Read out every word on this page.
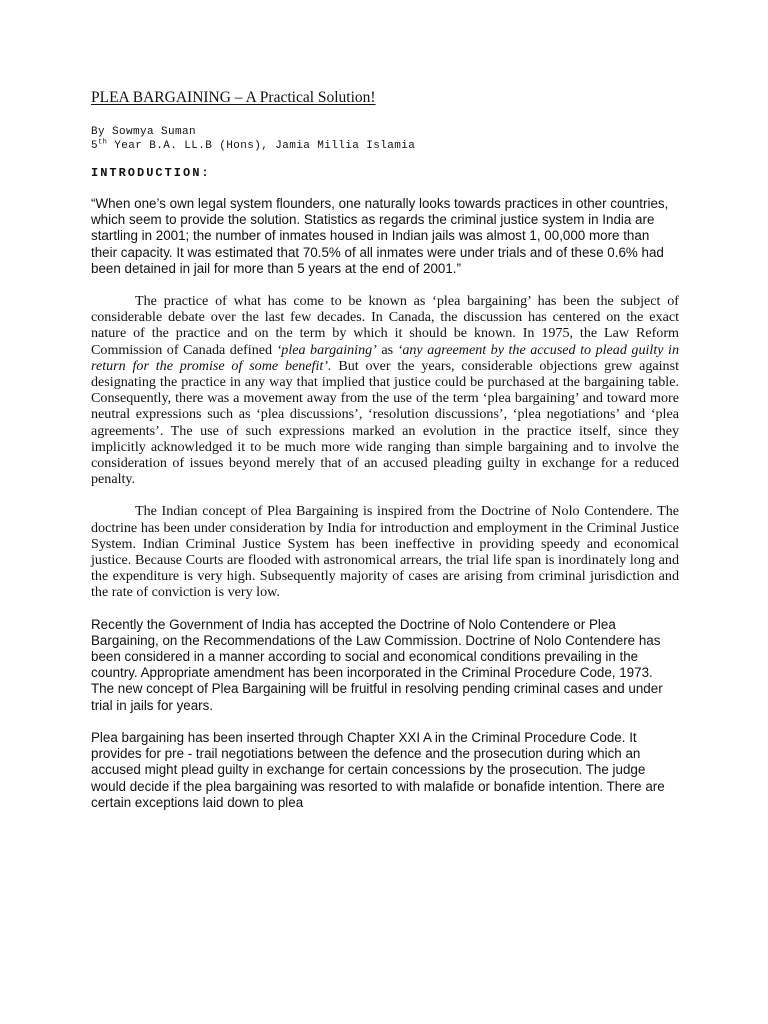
PLEA BARGAINING – A Practical Solution!

By Sowmya Suman

5th Year B.A. LL.B (Hons), Jamia Millia Islamia

INTRODUCTION:

“When one’s own legal system flounders, one naturally looks towards practices in other countries, which seem to provide the solution. Statistics as regards the criminal justice system in India are startling in 2001; the number of inmates housed in Indian jails was almost 1, 00,000 more than their capacity. It was estimated that 70.5% of all inmates were under trials and of these 0.6% had been detained in jail for more than 5 years at the end of 2001.”

The practice of what has come to be known as ‘plea bargaining’ has been the subject of considerable debate over the last few decades. In Canada, the discussion has centered on the exact nature of the practice and on the term by which it should be known. In 1975, the Law Reform Commission of Canada defined ‘plea bargaining’ as ‘any agreement by the accused to plead guilty in return for the promise of some benefit’. But over the years, considerable objections grew against designating the practice in any way that implied that justice could be purchased at the bargaining table. Consequently, there was a movement away from the use of the term ‘plea bargaining’ and toward more neutral expressions such as ‘plea discussions’, ‘resolution discussions’, ‘plea negotiations’ and ‘plea agreements’. The use of such expressions marked an evolution in the practice itself, since they implicitly acknowledged it to be much more wide ranging than simple bargaining and to involve the consideration of issues beyond merely that of an accused pleading guilty in exchange for a reduced penalty.

The Indian concept of Plea Bargaining is inspired from the Doctrine of Nolo Contendere. The doctrine has been under consideration by India for introduction and employment in the Criminal Justice System. Indian Criminal Justice System has been ineffective in providing speedy and economical justice. Because Courts are flooded with astronomical arrears, the trial life span is inordinately long and the expenditure is very high. Subsequently majority of cases are arising from criminal jurisdiction and the rate of conviction is very low.

Recently the Government of India has accepted the Doctrine of Nolo Contendere or Plea Bargaining, on the Recommendations of the Law Commission. Doctrine of Nolo Contendere has been considered in a manner according to social and economical conditions prevailing in the country. Appropriate amendment has been incorporated in the Criminal Procedure Code, 1973. The new concept of Plea Bargaining will be fruitful in resolving pending criminal cases and under trial in jails for years.

Plea bargaining has been inserted through Chapter XXI A in the Criminal Procedure Code. It provides for pre - trail negotiations between the defence and the prosecution during which an accused might plead guilty in exchange for certain concessions by the prosecution. The judge would decide if the plea bargaining was resorted to with malafide or bonafide intention. There are certain exceptions laid down to plea
